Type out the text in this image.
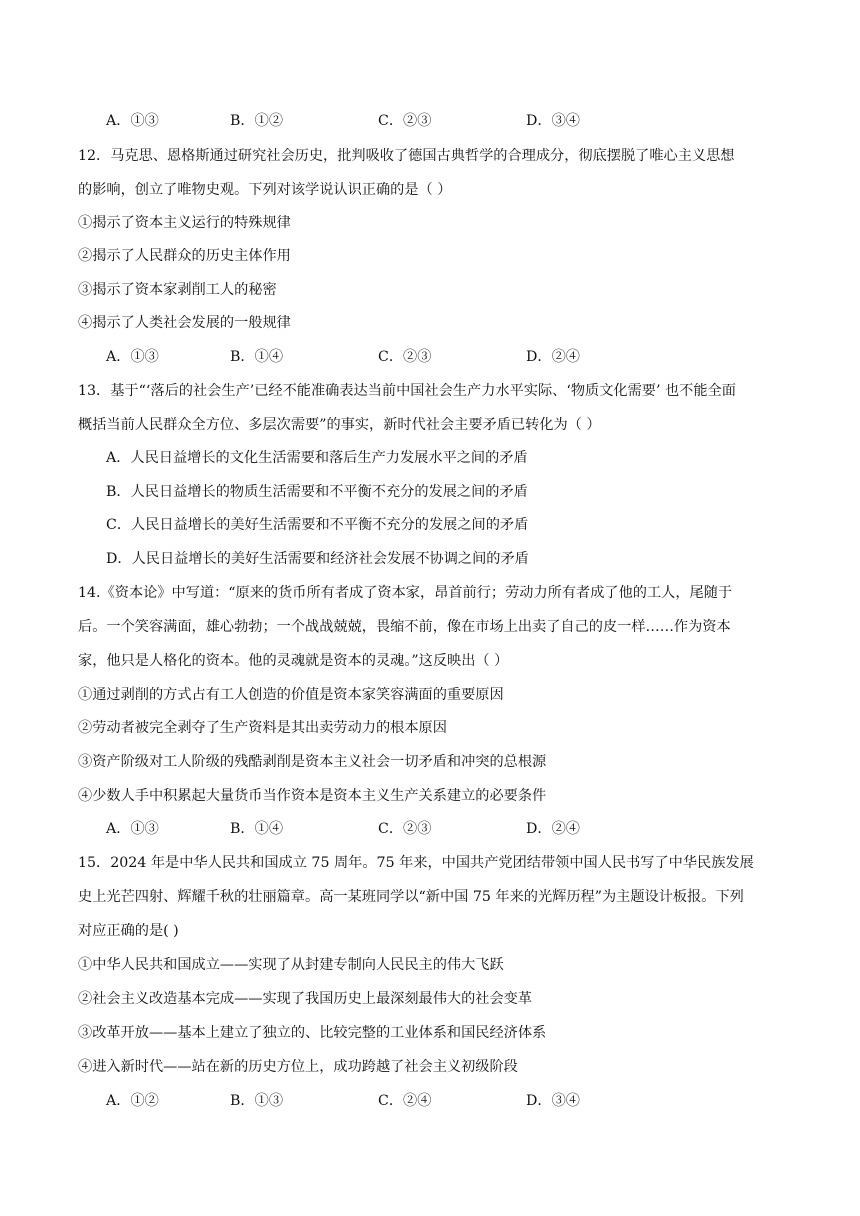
A．①③	B．①②	C．②③	D．③④
12．马克思、恩格斯通过研究社会历史，批判吸收了德国古典哲学的合理成分，彻底摆脱了唯心主义思想
的影响，创立了唯物史观。下列对该学说认识正确的是（ ）
①揭示了资本主义运行的特殊规律
②揭示了人民群众的历史主体作用
③揭示了资本家剥削工人的秘密
④揭示了人类社会发展的一般规律
A．①③	B．①④	C．②③	D．②④
13．基于“‘落后的社会生产’已经不能准确表达当前中国社会生产力水平实际、‘物质文化需要’ 也不能全面
概括当前人民群众全方位、多层次需要”的事实，新时代社会主要矛盾已转化为（ ）
A．人民日益增长的文化生活需要和落后生产力发展水平之间的矛盾
B．人民日益增长的物质生活需要和不平衡不充分的发展之间的矛盾
C．人民日益增长的美好生活需要和不平衡不充分的发展之间的矛盾
D．人民日益增长的美好生活需要和经济社会发展不协调之间的矛盾
14.《资本论》中写道：“原来的货币所有者成了资本家，昂首前行；劳动力所有者成了他的工人，尾随于
后。一个笑容满面，雄心勃勃；一个战战兢兢，畏缩不前，像在市场上出卖了自己的皮一样……作为资本
家，他只是人格化的资本。他的灵魂就是资本的灵魂。”这反映出（ ）
①通过剥削的方式占有工人创造的价值是资本家笑容满面的重要原因
②劳动者被完全剥夺了生产资料是其出卖劳动力的根本原因
③资产阶级对工人阶级的残酷剥削是资本主义社会一切矛盾和冲突的总根源
④少数人手中积累起大量货币当作资本是资本主义生产关系建立的必要条件
A．①③	B．①④	C．②③	D．②④
15．2024 年是中华人民共和国成立 75 周年。75 年来，中国共产党团结带领中国人民书写了中华民族发展
史上光芒四射、辉耀千秋的壮丽篇章。高一某班同学以“新中国 75 年来的光辉历程”为主题设计板报。下列
对应正确的是( )
①中华人民共和国成立——实现了从封建专制向人民民主的伟大飞跃
②社会主义改造基本完成——实现了我国历史上最深刻最伟大的社会变革
③改革开放——基本上建立了独立的、比较完整的工业体系和国民经济体系
④进入新时代——站在新的历史方位上，成功跨越了社会主义初级阶段
A．①②	B．①③	C．②④	D．③④
